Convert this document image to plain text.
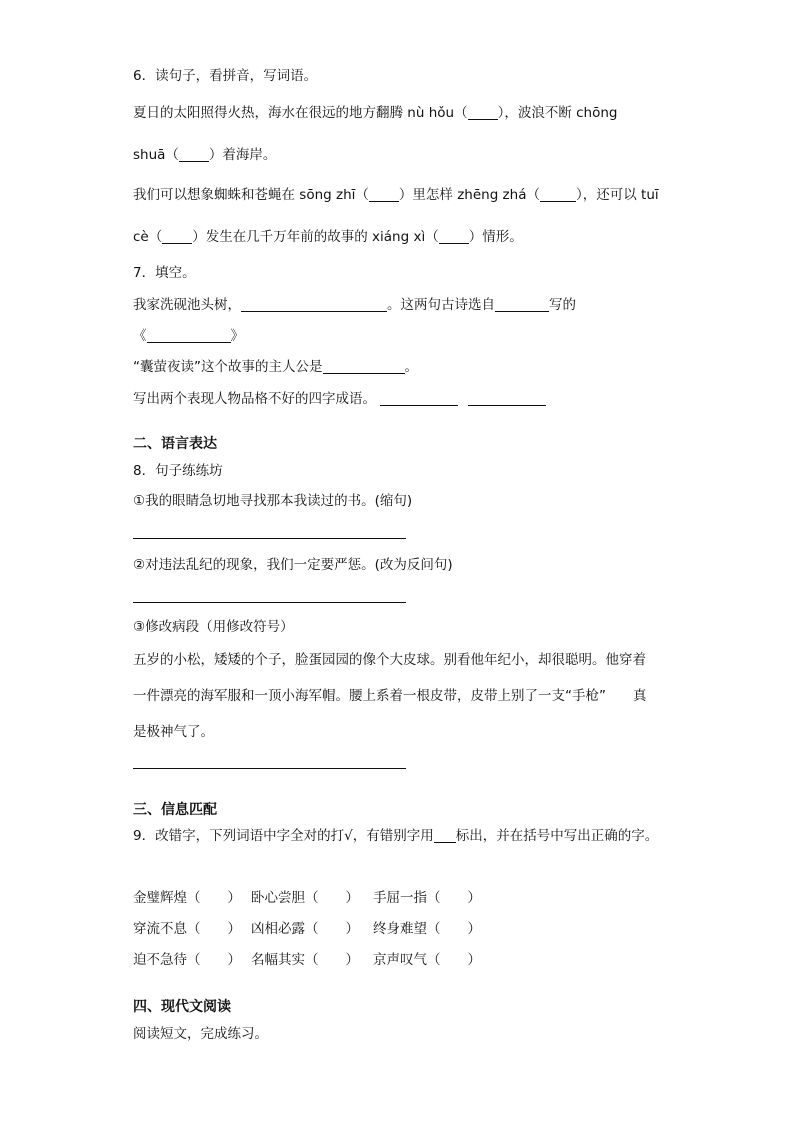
6．读句子，看拼音，写词语。
夏日的太阳照得火热，海水在很远的地方翻腾 nù hǒu（ ），波浪不断 chōng
shuā（ ）着海岸。
我们可以想象蜘蛛和苍蝇在 sōng zhī（ ）里怎样 zhēng zhá（	），还可以 tuī
cè（ ）发生在几千万年前的故事的 xiáng xì（ ）情形。
7．填空。
我家洗砚池头树，	。这两句古诗选自	写的
《	》
“囊萤夜读”这个故事的主人公是	。
写出两个表现人物品格不好的四字成语。
二、语言表达
8．句子练练坊
①我的眼睛急切地寻找那本我读过的书。(缩句)
②对违法乱纪的现象，我们一定要严惩。(改为反问句)
③修改病段（用修改符号）
五岁的小松，矮矮的个子，脸蛋园园的像个大皮球。别看他年纪小，却很聪明。他穿着
一件漂亮的海军服和一顶小海军帽。腰上系着一根皮带，皮带上别了一支“手枪”　　真
是极神气了。
三、信息匹配
9．改错字，下列词语中字全对的打√，有错别字用 标出，并在括号中写出正确的字。
金璧辉煌（　　） 卧心尝胆（　　） 手屈一指（　　）
穿流不息（　　） 凶相必露（　　） 终身难望（　　）
迫不急待（　　） 名幅其实（　　） 京声叹气（　　）
四、现代文阅读
阅读短文，完成练习。
